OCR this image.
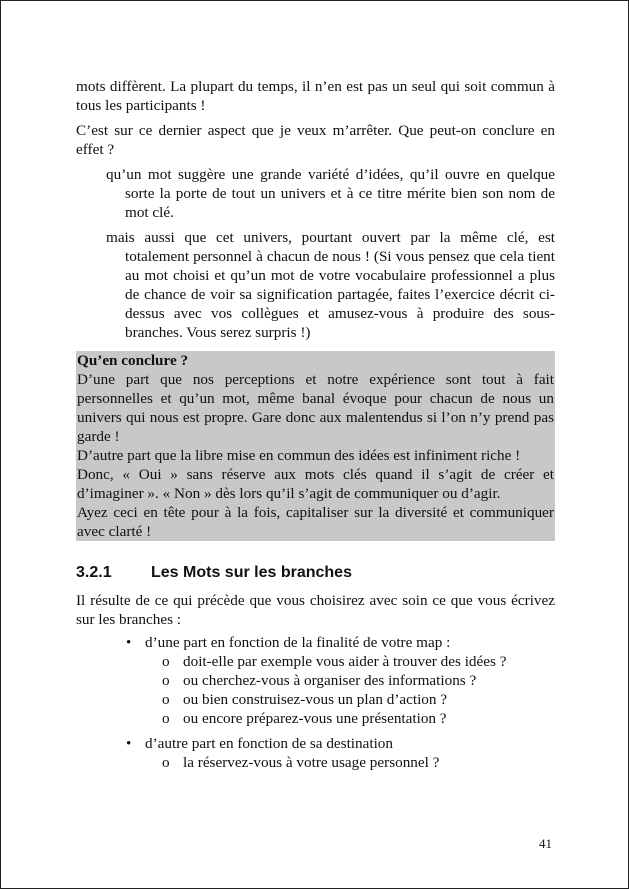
mots diffèrent. La plupart du temps, il n’en est pas un seul qui soit commun à tous les participants !

C’est sur ce dernier aspect que je veux m’arrêter. Que peut-on conclure en effet ?

qu’un mot suggère une grande variété d’idées, qu’il ouvre en quelque sorte la porte de tout un univers et à ce titre mérite bien son nom de mot clé.

mais aussi que cet univers, pourtant ouvert par la même clé, est totalement personnel à chacun de nous ! (Si vous pensez que cela tient au mot choisi et qu’un mot de votre vocabulaire professionnel a plus de chance de voir sa signification partagée, faites l’exercice décrit ci-dessus avec vos collègues et amusez-vous à produire des sous-branches. Vous serez surpris !)

Qu’en conclure ?

D’une part que nos perceptions et notre expérience sont tout à fait personnelles et qu’un mot, même banal évoque pour chacun de nous un univers qui nous est propre. Gare donc aux malentendus si l’on n’y prend pas garde !

D’autre part que la libre mise en commun des idées est infiniment riche !

Donc, « Oui » sans réserve aux mots clés quand il s’agit de créer et d’imaginer ». « Non » dès lors qu’il s’agit de communiquer ou d’agir.

Ayez ceci en tête pour à la fois, capitaliser sur la diversité et communiquer avec clarté !

3.2.1 Les Mots sur les branches

Il résulte de ce qui précède que vous choisirez avec soin ce que vous écrivez sur les branches :

• d’une part en fonction de la finalité de votre map :
o doit-elle par exemple vous aider à trouver des idées ?
o ou cherchez-vous à organiser des informations ?
o ou bien construisez-vous un plan d’action ?
o ou encore préparez-vous une présentation ?
• d’autre part en fonction de sa destination
o la réservez-vous à votre usage personnel ?
41
